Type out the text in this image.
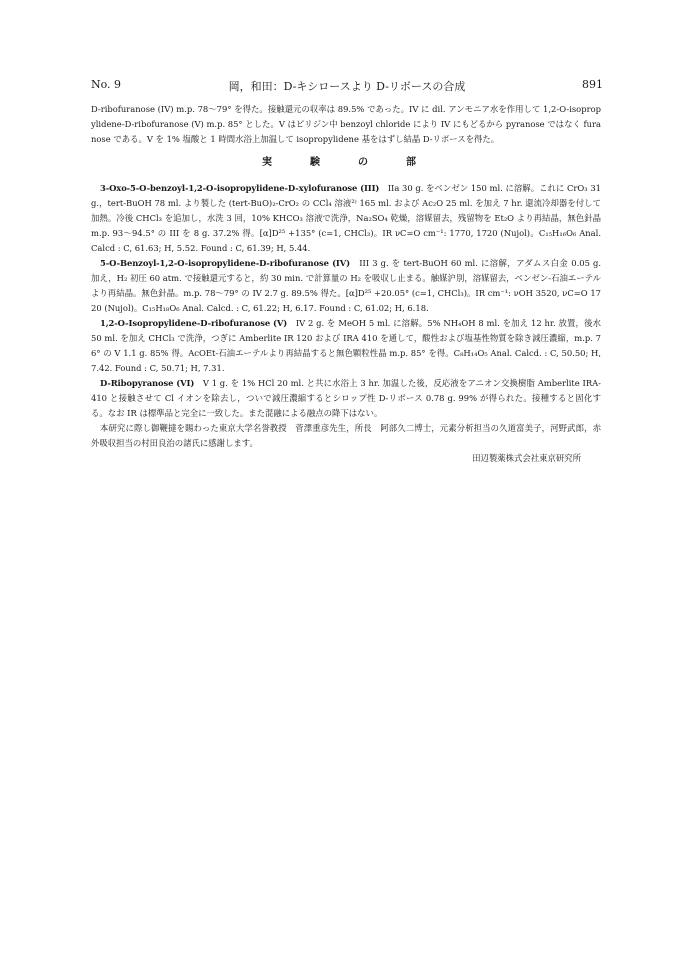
No. 9	岡，和田：D-キシロースより D-リボースの合成	891

D-ribofuranose (IV) m.p. 78～79° を得た。接触還元の収率は 89.5% であった。IV に dil. アンモニア水を作用して 1,2-O-isopropylidene-D-ribofuranose (V) m.p. 85° とした。V はピリジン中 benzoyl chloride により IV にもどるから pyranose ではなく furanose である。V を 1% 塩酸と 1 時間水浴上加温して isopropylidene 基をはずし結晶 D-リボースを得た。

実　験　の　部

3-Oxo-5-O-benzoyl-1,2-O-isopropylidene-D-xylofuranose (III)　IIa 30 g. をベンゼン 150 ml. に溶解。これに CrO₃ 31 g.，tert-BuOH 78 ml. より製した (tert-BuO)₂-CrO₂ の CCl₄ 溶液²⁾ 165 ml. および Ac₂O 25 ml. を加え 7 hr. 還流冷却器を付して加熱。冷後 CHCl₃ を追加し，水洗 3 回，10% KHCO₃ 溶液で洗浄，Na₂SO₄ 乾燥，溶媒留去，残留物を Et₂O より再結晶，無色針晶 m.p. 93～94.5° の III を 8 g. 37.2% 得。[α]D²⁵ +135° (c=1, CHCl₃)。IR νC=O cm⁻¹: 1770, 1720 (Nujol)。C₁₅H₁₆O₆ Anal. Calcd : C, 61.63; H, 5.52. Found : C, 61.39; H, 5.44.

5-O-Benzoyl-1,2-O-isopropylidene-D-ribofuranose (IV)　III 3 g. を tert-BuOH 60 ml. に溶解，アダムス白金 0.05 g. 加え，H₂ 初圧 60 atm. で接触還元すると，約 30 min. で計算量の H₂ を吸収し止まる。触媒沪別，溶媒留去，ベンゼン-石油エーテルより再結晶。無色針晶。m.p. 78～79° の IV 2.7 g. 89.5% 得た。[α]D²⁵ +20.05° (c=1, CHCl₃)。IR cm⁻¹: νOH 3520, νC=O 1720 (Nujol)。C₁₅H₁₈O₆ Anal. Calcd. : C, 61.22; H, 6.17. Found : C, 61.02; H, 6.18.

1,2-O-Isopropylidene-D-ribofuranose (V)　IV 2 g. を MeOH 5 ml. に溶解。5% NH₄OH 8 ml. を加え 12 hr. 放置，後水 50 ml. を加え CHCl₃ で洗浄，つぎに Amberlite IR 120 および IRA 410 を通して，酸性および塩基性物質を除き減圧濃縮，m.p. 76° の V 1.1 g. 85% 得。AcOEt-石油エーテルより再結晶すると無色顆粒性晶 m.p. 85° を得。C₈H₁₄O₅ Anal. Calcd. : C, 50.50; H, 7.42. Found : C, 50.71; H, 7.31.

D-Ribopyranose (VI)　V 1 g. を 1% HCl 20 ml. と共に水浴上 3 hr. 加温した後，反応液をアニオン交換樹脂 Amberlite IRA-410 と接触させて Cl イオンを除去し，ついで減圧濃縮するとシロップ性 D-リボース 0.78 g. 99% が得られた。接種すると固化する。なお IR は標準品と完全に一致した。また混融による融点の降下はない。

本研究に際し御鞭撻を賜わった東京大学名誉教授　菅澤重彦先生，所長　阿部久二博士，元素分析担当の久道富美子，河野武郎，赤外吸収担当の村田良治の諸氏に感謝します。

田辺製薬株式会社東京研究所
